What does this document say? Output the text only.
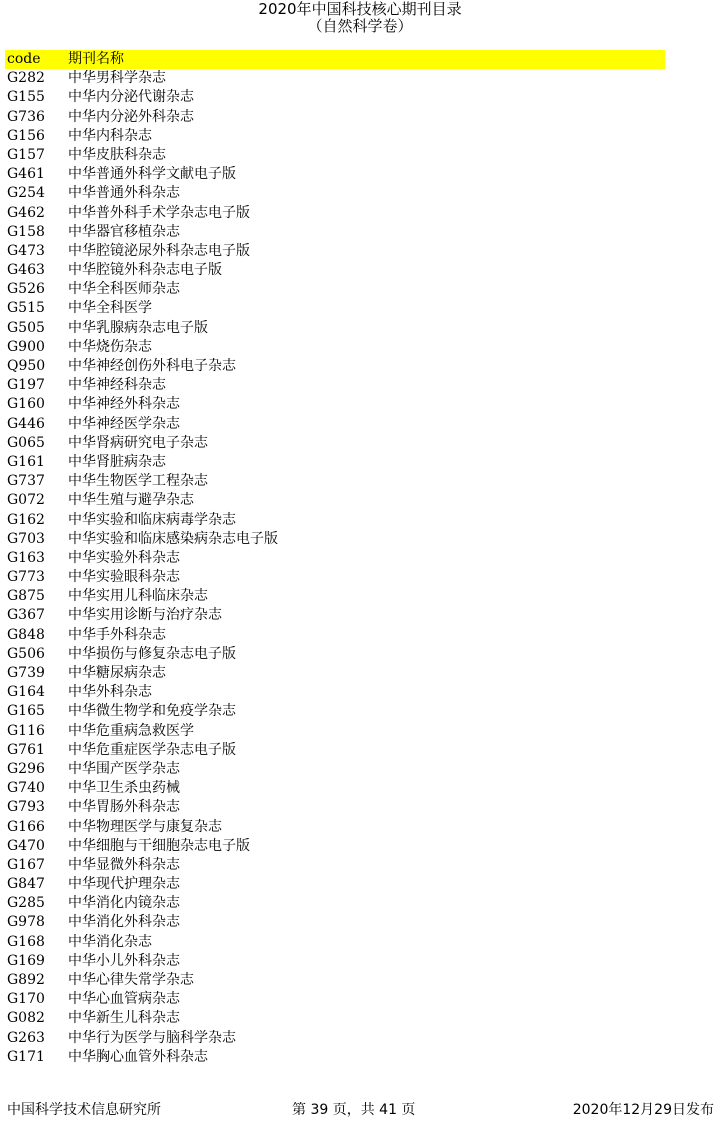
2020年中国科技核心期刊目录
（自然科学卷）
code 期刊名称
G282 中华男科学杂志
G155 中华内分泌代谢杂志
G736 中华内分泌外科杂志
G156 中华内科杂志
G157 中华皮肤科杂志
G461 中华普通外科学文献电子版
G254 中华普通外科杂志
G462 中华普外科手术学杂志电子版
G158 中华器官移植杂志
G473 中华腔镜泌尿外科杂志电子版
G463 中华腔镜外科杂志电子版
G526 中华全科医师杂志
G515 中华全科医学
G505 中华乳腺病杂志电子版
G900 中华烧伤杂志
Q950 中华神经创伤外科电子杂志
G197 中华神经科杂志
G160 中华神经外科杂志
G446 中华神经医学杂志
G065 中华肾病研究电子杂志
G161 中华肾脏病杂志
G737 中华生物医学工程杂志
G072 中华生殖与避孕杂志
G162 中华实验和临床病毒学杂志
G703 中华实验和临床感染病杂志电子版
G163 中华实验外科杂志
G773 中华实验眼科杂志
G875 中华实用儿科临床杂志
G367 中华实用诊断与治疗杂志
G848 中华手外科杂志
G506 中华损伤与修复杂志电子版
G739 中华糖尿病杂志
G164 中华外科杂志
G165 中华微生物学和免疫学杂志
G116 中华危重病急救医学
G761 中华危重症医学杂志电子版
G296 中华围产医学杂志
G740 中华卫生杀虫药械
G793 中华胃肠外科杂志
G166 中华物理医学与康复杂志
G470 中华细胞与干细胞杂志电子版
G167 中华显微外科杂志
G847 中华现代护理杂志
G285 中华消化内镜杂志
G978 中华消化外科杂志
G168 中华消化杂志
G169 中华小儿外科杂志
G892 中华心律失常学杂志
G170 中华心血管病杂志
G082 中华新生儿科杂志
G263 中华行为医学与脑科学杂志
G171 中华胸心血管外科杂志
中国科学技术信息研究所	第 39 页，共 41 页	2020年12月29日发布
